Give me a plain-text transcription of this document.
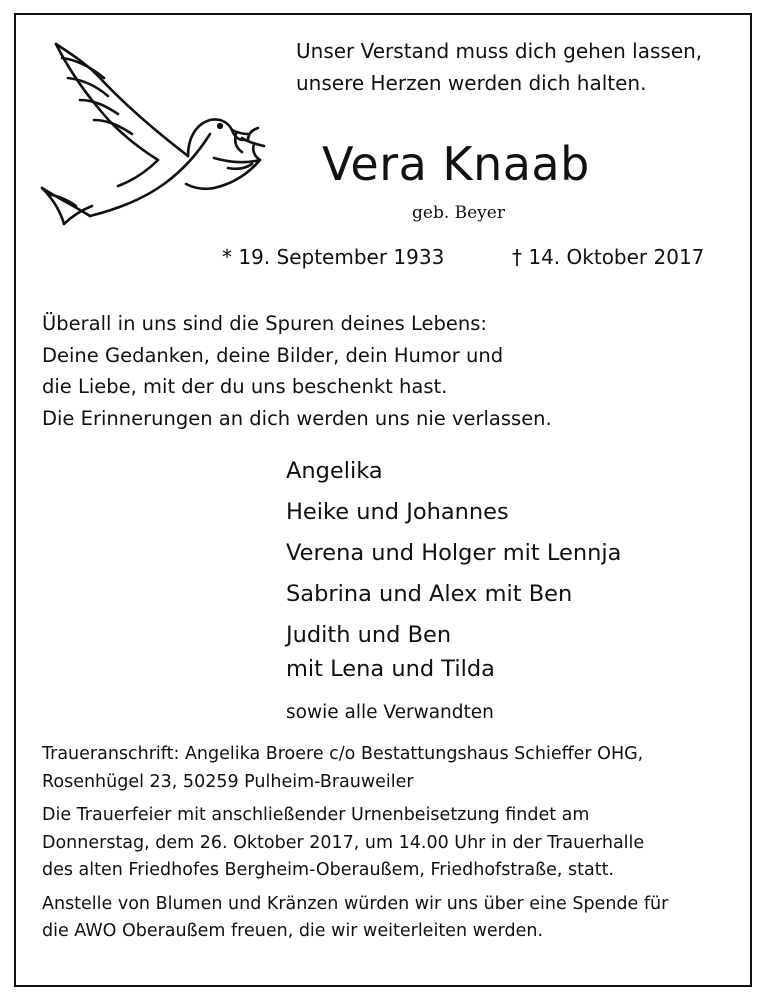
Unser Verstand muss dich gehen lassen,
unsere Herzen werden dich halten.
Vera Knaab
geb. Beyer
* 19. September 1933	† 14. Oktober 2017
Überall in uns sind die Spuren deines Lebens:
Deine Gedanken, deine Bilder, dein Humor und
die Liebe, mit der du uns beschenkt hast.
Die Erinnerungen an dich werden uns nie verlassen.
Angelika
Heike und Johannes
Verena und Holger mit Lennja
Sabrina und Alex mit Ben
Judith und Ben
mit Lena und Tilda
sowie alle Verwandten
Traueranschrift: Angelika Broere c/o Bestattungshaus Schieffer OHG,
Rosenhügel 23, 50259 Pulheim-Brauweiler
Die Trauerfeier mit anschließender Urnenbeisetzung findet am
Donnerstag, dem 26. Oktober 2017, um 14.00 Uhr in der Trauerhalle
des alten Friedhofes Bergheim-Oberaußem, Friedhofstraße, statt.
Anstelle von Blumen und Kränzen würden wir uns über eine Spende für
die AWO Oberaußem freuen, die wir weiterleiten werden.
